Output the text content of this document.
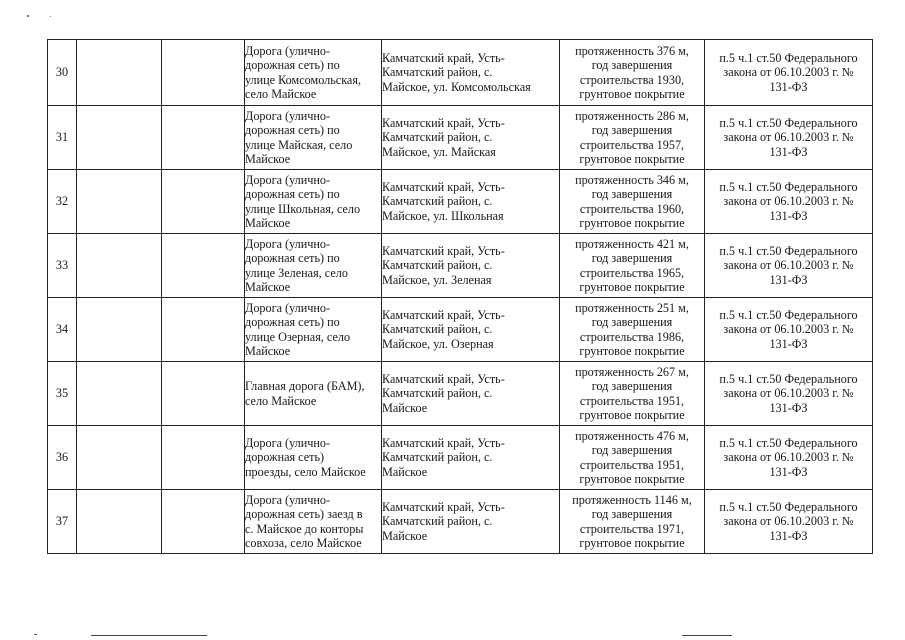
30			Дорога (улично-
дорожная сеть) по
улице Комсомольская,
село Майское	Камчатский край, Усть-
Камчатский район, с.
Майское, ул. Комсомольская	протяженность 376 м,
год завершения
строительства 1930,
грунтовое покрытие	п.5 ч.1 ст.50 Федерального
закона от 06.10.2003 г. №
131-ФЗ

31			Дорога (улично-
дорожная сеть) по
улице Майская, село
Майское	Камчатский край, Усть-
Камчатский район, с.
Майское, ул. Майская	протяженность 286 м,
год завершения
строительства 1957,
грунтовое покрытие	п.5 ч.1 ст.50 Федерального
закона от 06.10.2003 г. №
131-ФЗ

32			Дорога (улично-
дорожная сеть) по
улице Школьная, село
Майское	Камчатский край, Усть-
Камчатский район, с.
Майское, ул. Школьная	протяженность 346 м,
год завершения
строительства 1960,
грунтовое покрытие	п.5 ч.1 ст.50 Федерального
закона от 06.10.2003 г. №
131-ФЗ

33			Дорога (улично-
дорожная сеть) по
улице Зеленая, село
Майское	Камчатский край, Усть-
Камчатский район, с.
Майское, ул. Зеленая	протяженность 421 м,
год завершения
строительства 1965,
грунтовое покрытие	п.5 ч.1 ст.50 Федерального
закона от 06.10.2003 г. №
131-ФЗ

34			Дорога (улично-
дорожная сеть) по
улице Озерная, село
Майское	Камчатский край, Усть-
Камчатский район, с.
Майское, ул. Озерная	протяженность 251 м,
год завершения
строительства 1986,
грунтовое покрытие	п.5 ч.1 ст.50 Федерального
закона от 06.10.2003 г. №
131-ФЗ

35			Главная дорога (БАМ),
село Майское	Камчатский край, Усть-
Камчатский район, с.
Майское	протяженность 267 м,
год завершения
строительства 1951,
грунтовое покрытие	п.5 ч.1 ст.50 Федерального
закона от 06.10.2003 г. №
131-ФЗ

36			Дорога (улично-
дорожная сеть)
проезды, село Майское	Камчатский край, Усть-
Камчатский район, с.
Майское	протяженность 476 м,
год завершения
строительства 1951,
грунтовое покрытие	п.5 ч.1 ст.50 Федерального
закона от 06.10.2003 г. №
131-ФЗ

37			Дорога (улично-
дорожная сеть) заезд в
с. Майское до конторы
совхоза, село Майское	Камчатский край, Усть-
Камчатский район, с.
Майское	протяженность 1146 м,
год завершения
строительства 1971,
грунтовое покрытие	п.5 ч.1 ст.50 Федерального
закона от 06.10.2003 г. №
131-ФЗ
